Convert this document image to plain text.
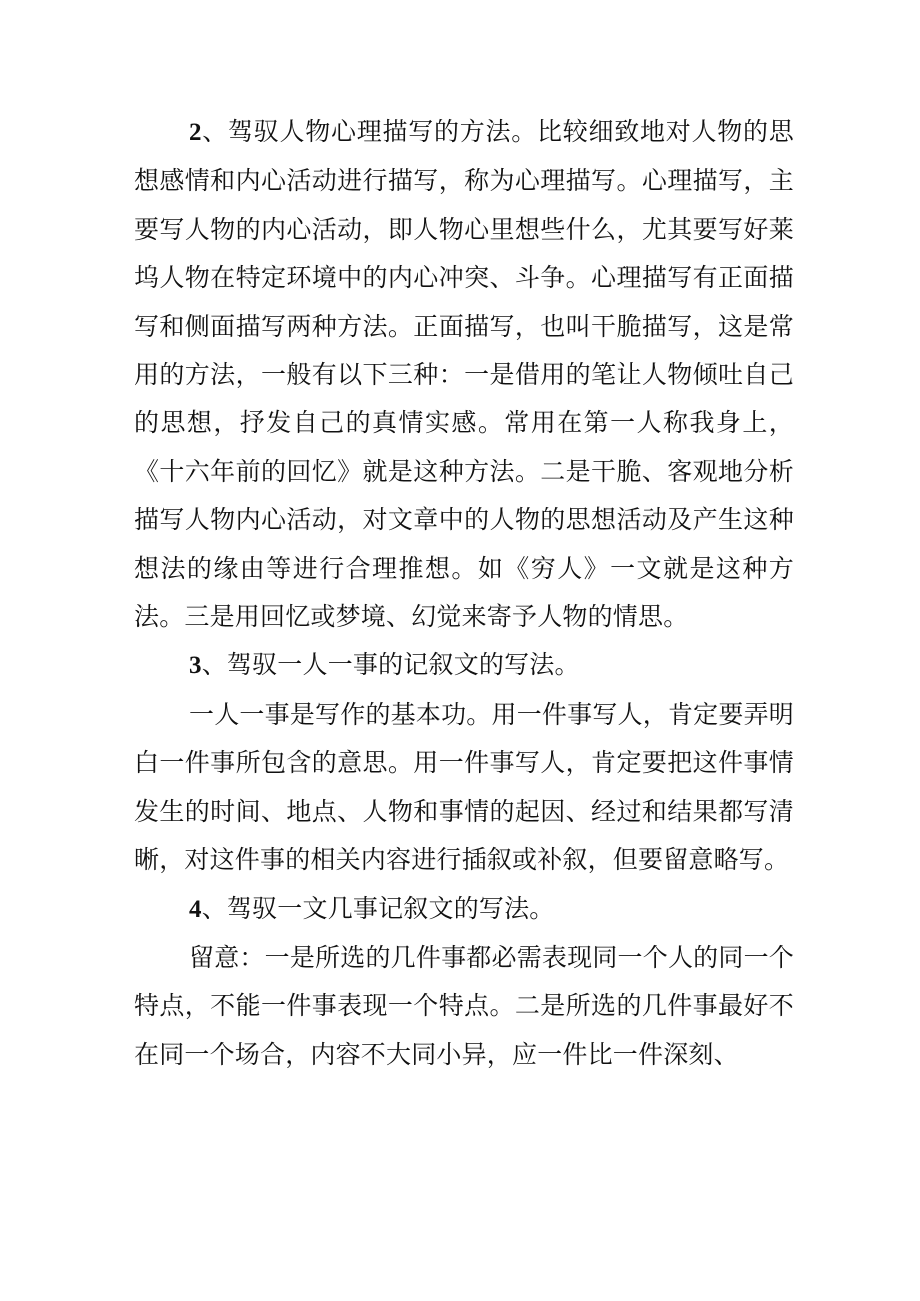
2、驾驭人物心理描写的方法。比较细致地对人物的思想感情和内心活动进行描写，称为心理描写。心理描写，主要写人物的内心活动，即人物心里想些什么，尤其要写好莱坞人物在特定环境中的内心冲突、斗争。心理描写有正面描写和侧面描写两种方法。正面描写，也叫干脆描写，这是常用的方法，一般有以下三种：一是借用的笔让人物倾吐自己的思想，抒发自己的真情实感。常用在第一人称我身上，《十六年前的回忆》就是这种方法。二是干脆、客观地分析描写人物内心活动，对文章中的人物的思想活动及产生这种想法的缘由等进行合理推想。如《穷人》一文就是这种方法。三是用回忆或梦境、幻觉来寄予人物的情思。

3、驾驭一人一事的记叙文的写法。

一人一事是写作的基本功。用一件事写人，肯定要弄明白一件事所包含的意思。用一件事写人，肯定要把这件事情发生的时间、地点、人物和事情的起因、经过和结果都写清晰，对这件事的相关内容进行插叙或补叙，但要留意略写。

4、驾驭一文几事记叙文的写法。

留意：一是所选的几件事都必需表现同一个人的同一个特点，不能一件事表现一个特点。二是所选的几件事最好不在同一个场合，内容不大同小异，应一件比一件深刻、
